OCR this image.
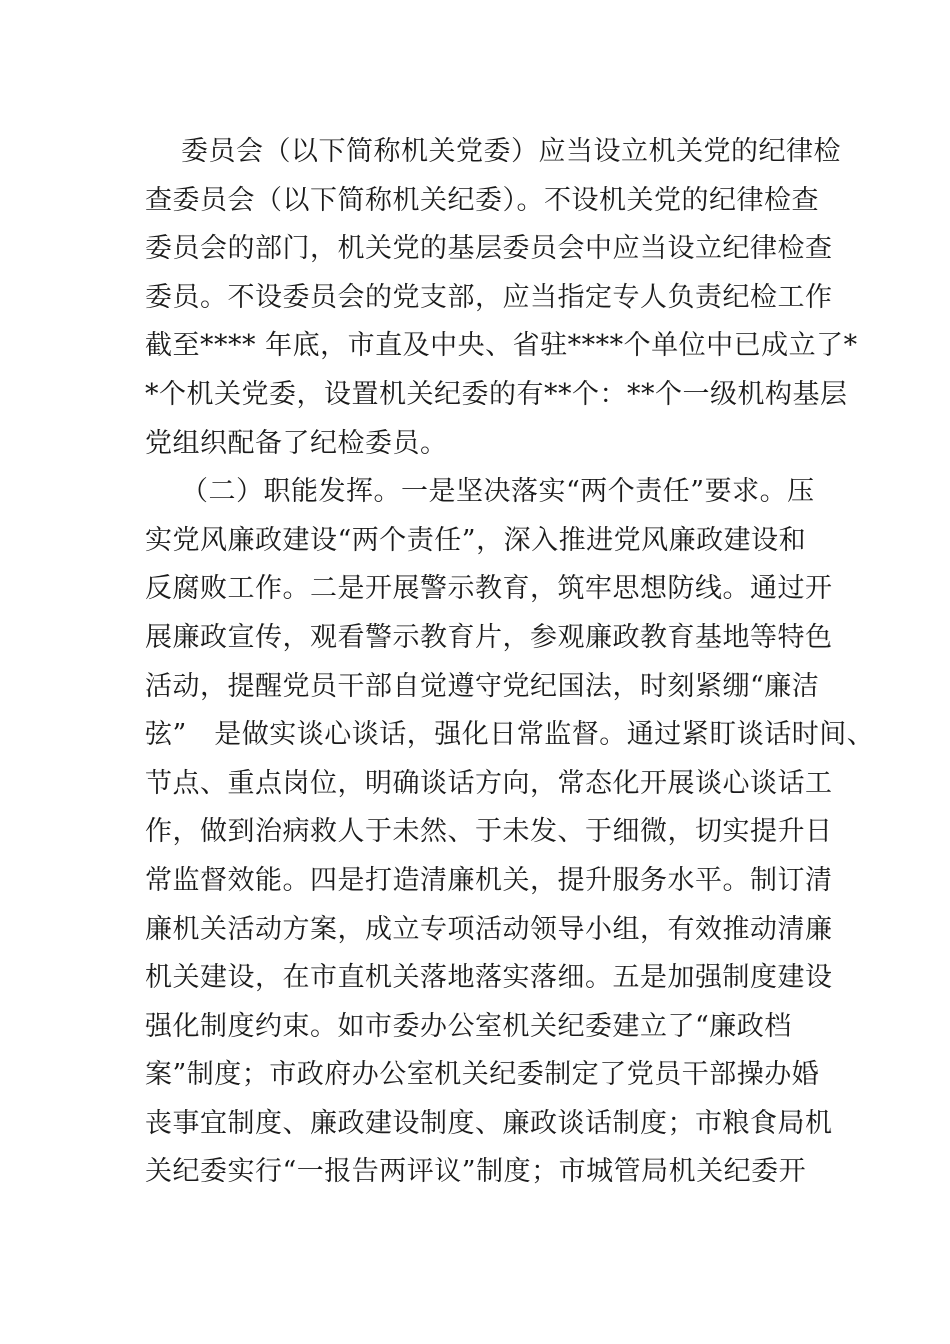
委员会（以下简称机关党委）应当设立机关党的纪律检
查委员会（以下简称机关纪委）。不设机关党的纪律检查
委员会的部门，机关党的基层委员会中应当设立纪律检查
委员。不设委员会的党支部，应当指定专人负责纪检工作
截至**** 年底，市直及中央、省驻****个单位中已成立了*
*个机关党委，设置机关纪委的有**个：**个一级机构基层
党组织配备了纪检委员。
（二）职能发挥。一是坚决落实“两个责任”要求。压
实党风廉政建设“两个责任”，深入推进党风廉政建设和
反腐败工作。二是开展警示教育，筑牢思想防线。通过开
展廉政宣传，观看警示教育片，参观廉政教育基地等特色
活动，提醒党员干部自觉遵守党纪国法，时刻紧绷“廉洁
弦”　是做实谈心谈话，强化日常监督。通过紧盯谈话时间、
节点、重点岗位，明确谈话方向，常态化开展谈心谈话工
作，做到治病救人于未然、于未发、于细微，切实提升日
常监督效能。四是打造清廉机关，提升服务水平。制订清
廉机关活动方案，成立专项活动领导小组，有效推动清廉
机关建设，在市直机关落地落实落细。五是加强制度建设
强化制度约束。如市委办公室机关纪委建立了“廉政档
案”制度；市政府办公室机关纪委制定了党员干部操办婚
丧事宜制度、廉政建设制度、廉政谈话制度；市粮食局机
关纪委实行“一报告两评议”制度；市城管局机关纪委开
